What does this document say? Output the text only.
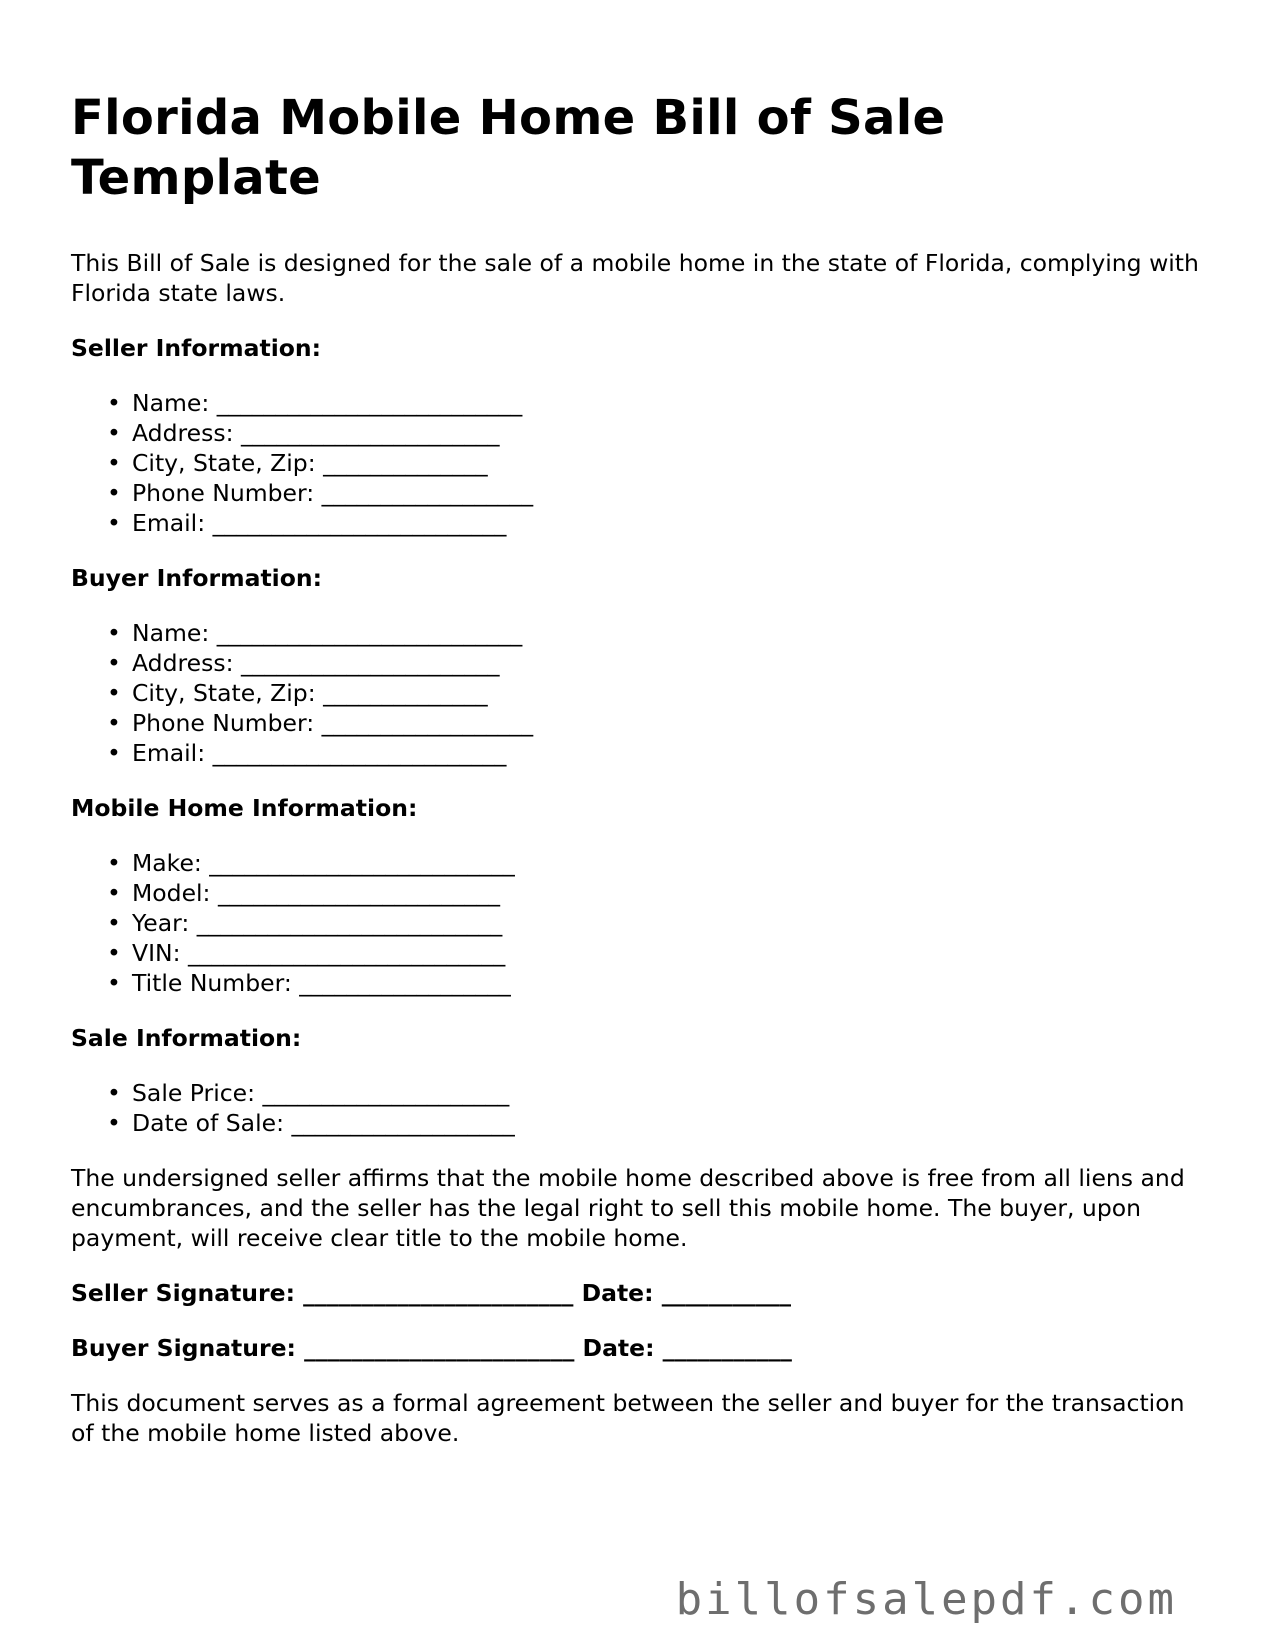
Florida Mobile Home Bill of Sale Template

This Bill of Sale is designed for the sale of a mobile home in the state of Florida, complying with Florida state laws.

Seller Information:
• Name: __________________________
• Address: ______________________
• City, State, Zip: ______________
• Phone Number: __________________
• Email: _________________________
Buyer Information:
• Name: __________________________
• Address: ______________________
• City, State, Zip: ______________
• Phone Number: __________________
• Email: _________________________
Mobile Home Information:
• Make: __________________________
• Model: ________________________
• Year: __________________________
• VIN: ___________________________
• Title Number: __________________
Sale Information:
• Sale Price: _____________________
• Date of Sale: ___________________

The undersigned seller affirms that the mobile home described above is free from all liens and encumbrances, and the seller has the legal right to sell this mobile home. The buyer, upon payment, will receive clear title to the mobile home.

Seller Signature: _______________________ Date: ___________
Buyer Signature: _______________________ Date: ___________

This document serves as a formal agreement between the seller and buyer for the transaction of the mobile home listed above.

billofsalepdf.com
